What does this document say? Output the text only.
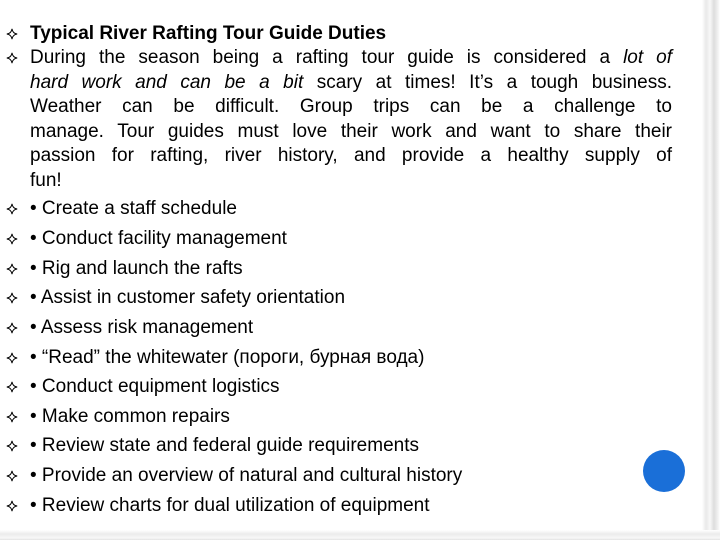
Typical River Rafting Tour Guide Duties
During the season being a rafting tour guide is considered a lot of
hard work and can be a bit scary at times! It’s a tough business.
Weather can be difficult. Group trips can be a challenge to
manage. Tour guides must love their work and want to share their
passion for rafting, river history, and provide a healthy supply of
fun!
• Create a staff schedule
• Conduct facility management
• Rig and launch the rafts
• Assist in customer safety orientation
• Assess risk management
• “Read” the whitewater (пороги, бурная вода)
• Conduct equipment logistics
• Make common repairs
• Review state and federal guide requirements
• Provide an overview of natural and cultural history
• Review charts for dual utilization of equipment
